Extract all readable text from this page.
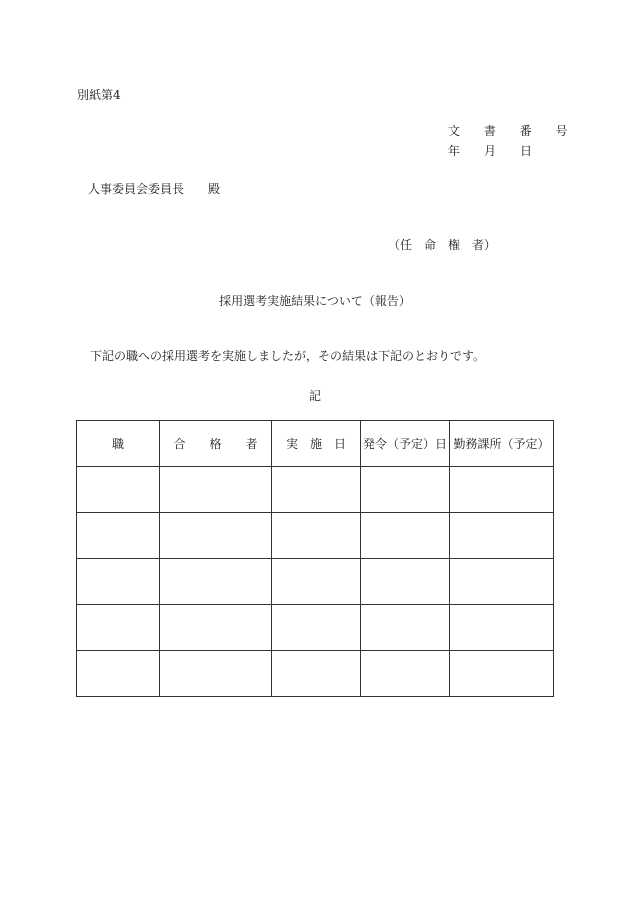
別紙第4
文 書 番 号
年 月 日
人事委員会委員長　　殿
（任　命　権　者）
採用選考実施結果について（報告）
下記の職への採用選考を実施しましたが，その結果は下記のとおりです。
記
職	合　　格　　者	実　施　日	発令（予定）日	勤務課所（予定）
